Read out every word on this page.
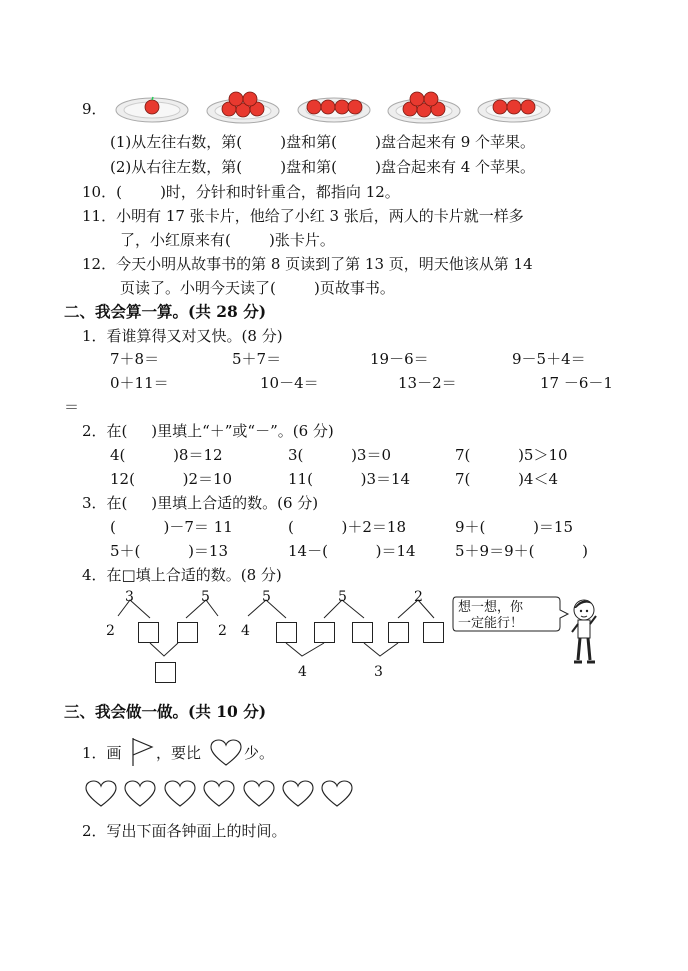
9．
(1)从左往右数，第(        )盘和第(        )盘合起来有 9 个苹果。
(2)从右往左数，第(        )盘和第(        )盘合起来有 4 个苹果。
10．(        )时，分针和时针重合，都指向 12。
11．小明有 17 张卡片，他给了小红 3 张后，两人的卡片就一样多
了，小红原来有(        )张卡片。
12．今天小明从故事书的第 8 页读到了第 13 页，明天他该从第 14
页读了。小明今天读了(        )页故事书。
二、我会算一算。(共 28 分)
1．看谁算得又对又快。(8 分)
7＋8＝	5＋7＝	19－6＝	9－5＋4＝
0＋11＝	10－4＝	13－2＝	17 －6－1
＝
2．在(     )里填上“＋”或“－”。(6 分)
4(          )8＝12	3(          )3＝0	7(          )5＞10
12(          )2＝10	11(          )3＝14	7(          )4＜4
3．在(     )里填上合适的数。(6 分)
(          )－7＝ 11	(          )＋2＝18	9＋(          )＝15
5＋(          )＝13	14－(          )＝14	5＋9＝9＋(          )
4．在□填上合适的数。(8 分)
3	5
2	2
5
4
5	2
4	3
想一想，你
一定能行！
三、我会做一做。(共 10 分)
1．画 ，要比	少。
2．写出下面各钟面上的时间。
